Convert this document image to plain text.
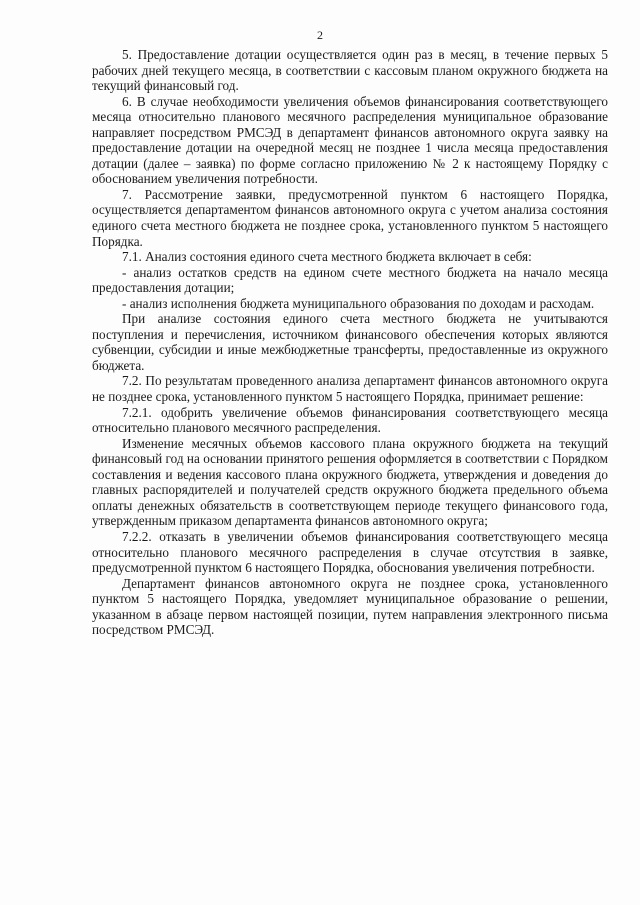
2

5. Предоставление дотации осуществляется один раз в месяц, в течение первых 5 рабочих дней текущего месяца, в соответствии с кассовым планом окружного бюджета на текущий финансовый год.

6. В случае необходимости увеличения объемов финансирования соответствующего месяца относительно планового месячного распределения муниципальное образование направляет посредством РМСЭД в департамент финансов автономного округа заявку на предоставление дотации на очередной месяц не позднее 1 числа месяца предоставления дотации (далее – заявка) по форме согласно приложению № 2 к настоящему Порядку с обоснованием увеличения потребности.

7. Рассмотрение заявки, предусмотренной пунктом 6 настоящего Порядка, осуществляется департаментом финансов автономного округа с учетом анализа состояния единого счета местного бюджета не позднее срока, установленного пунктом 5 настоящего Порядка.

7.1. Анализ состояния единого счета местного бюджета включает в себя:

- анализ остатков средств на едином счете местного бюджета на начало месяца предоставления дотации;

- анализ исполнения бюджета муниципального образования по доходам и расходам.

При анализе состояния единого счета местного бюджета не учитываются поступления и перечисления, источником финансового обеспечения которых являются субвенции, субсидии и иные межбюджетные трансферты, предоставленные из окружного бюджета.

7.2. По результатам проведенного анализа департамент финансов автономного округа не позднее срока, установленного пунктом 5 настоящего Порядка, принимает решение:

7.2.1. одобрить увеличение объемов финансирования соответствующего месяца относительно планового месячного распределения.

Изменение месячных объемов кассового плана окружного бюджета на текущий финансовый год на основании принятого решения оформляется в соответствии с Порядком составления и ведения кассового плана окружного бюджета, утверждения и доведения до главных распорядителей и получателей средств окружного бюджета предельного объема оплаты денежных обязательств в соответствующем периоде текущего финансового года, утвержденным приказом департамента финансов автономного округа;

7.2.2. отказать в увеличении объемов финансирования соответствующего месяца относительно планового месячного распределения в случае отсутствия в заявке, предусмотренной пунктом 6 настоящего Порядка, обоснования увеличения потребности.

Департамент финансов автономного округа не позднее срока, установленного пунктом 5 настоящего Порядка, уведомляет муниципальное образование о решении, указанном в абзаце первом настоящей позиции, путем направления электронного письма посредством РМСЭД.
